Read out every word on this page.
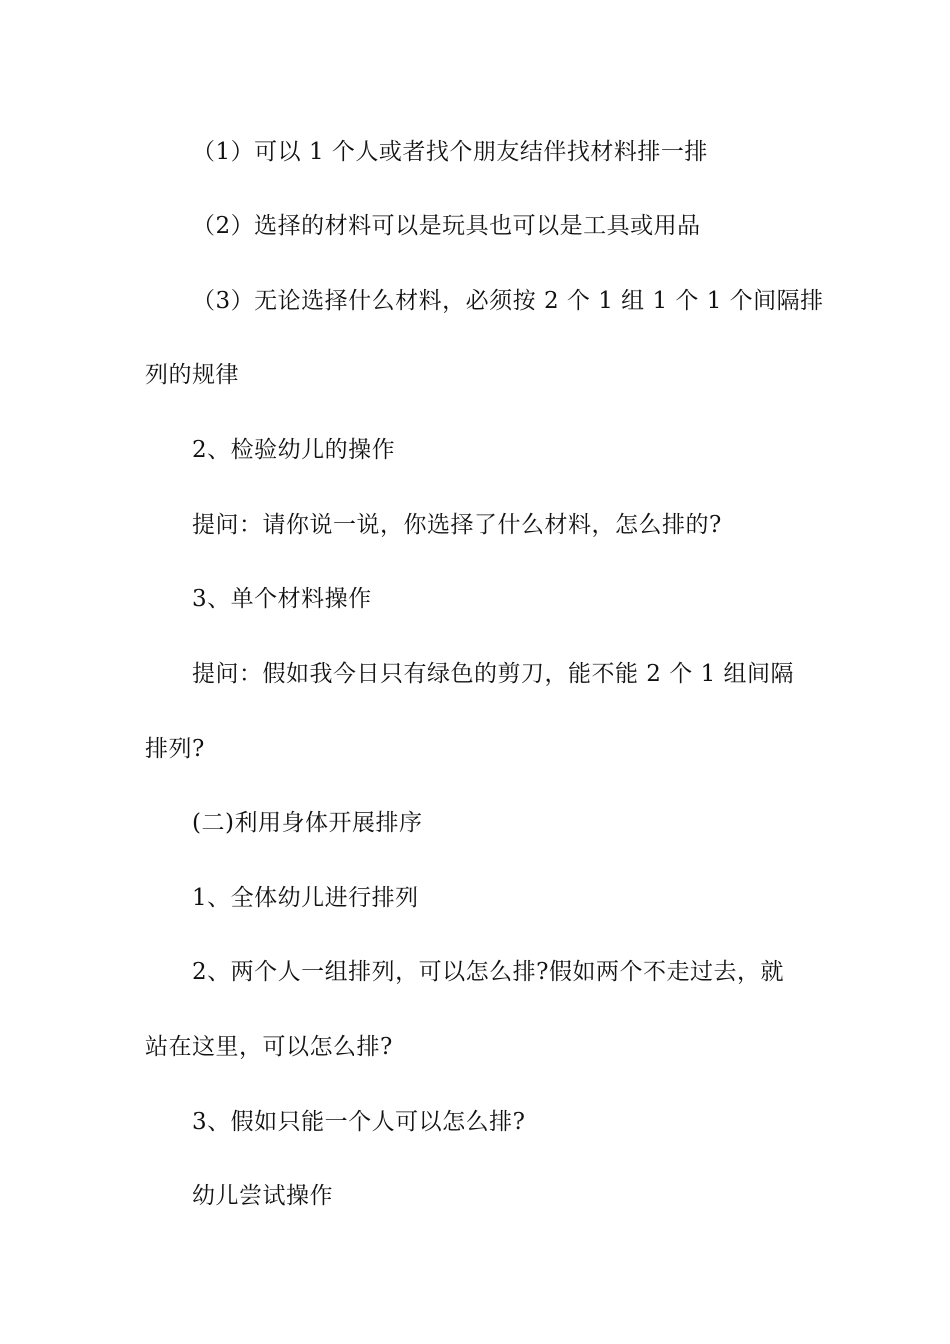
（1）可以 1 个人或者找个朋友结伴找材料排一排
（2）选择的材料可以是玩具也可以是工具或用品
（3）无论选择什么材料，必须按 2 个 1 组 1 个 1 个间隔排
列的规律
2、检验幼儿的操作
提问：请你说一说，你选择了什么材料，怎么排的?
3、单个材料操作
提问：假如我今日只有绿色的剪刀，能不能 2 个 1 组间隔
排列?
(二)利用身体开展排序
1、全体幼儿进行排列
2、两个人一组排列，可以怎么排?假如两个不走过去，就
站在这里，可以怎么排?
3、假如只能一个人可以怎么排?
幼儿尝试操作
